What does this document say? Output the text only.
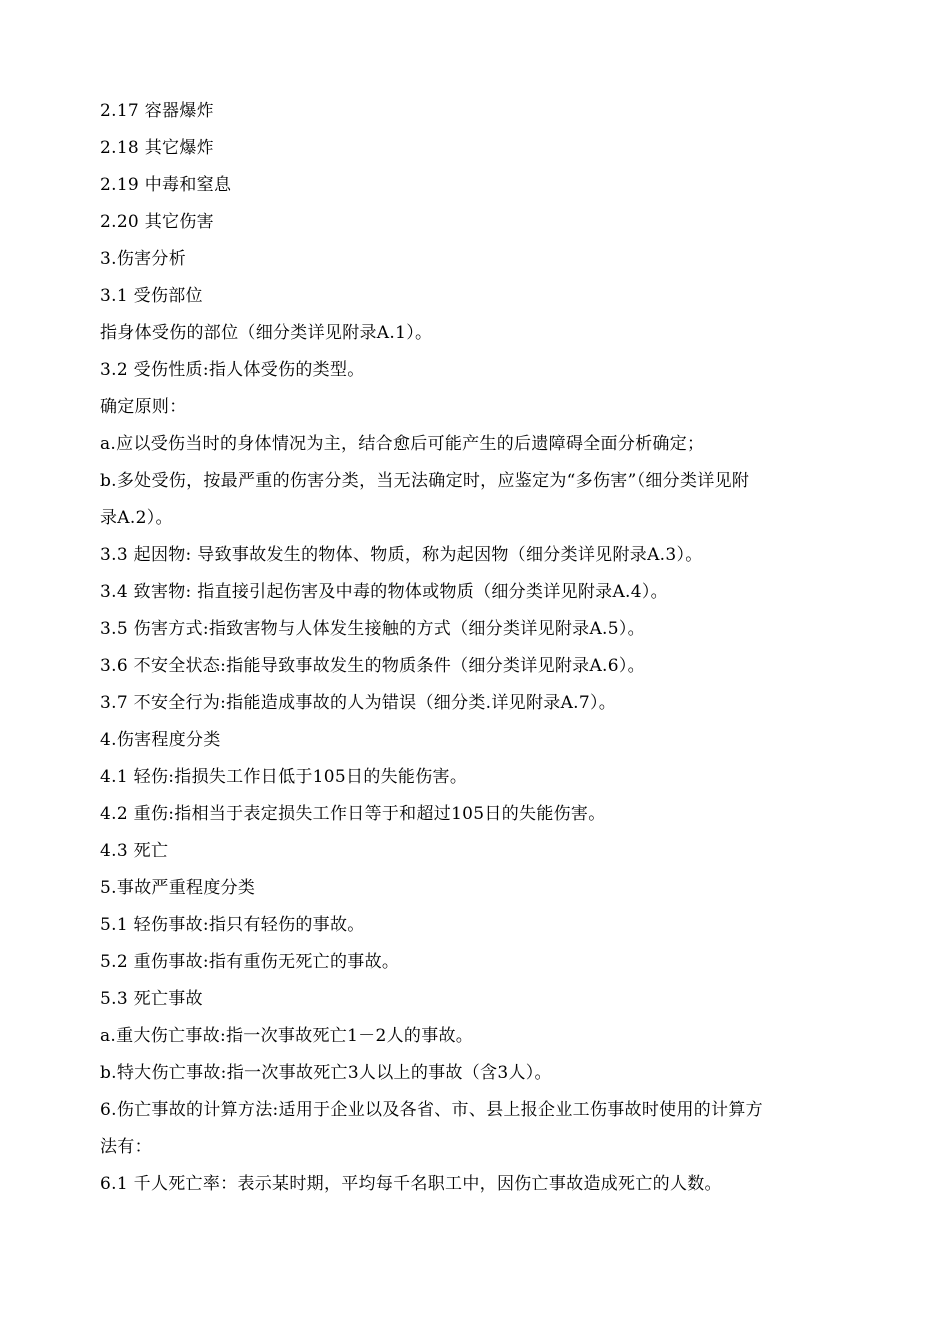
2.17 容器爆炸
2.18 其它爆炸
2.19 中毒和窒息
2.20 其它伤害
3.伤害分析
3.1 受伤部位
指身体受伤的部位（细分类详见附录A.1）。
3.2 受伤性质:指人体受伤的类型。
确定原则：
a.应以受伤当时的身体情况为主，结合愈后可能产生的后遗障碍全面分析确定；
b.多处受伤，按最严重的伤害分类，当无法确定时，应鉴定为“多伤害”（细分类详见附
录A.2）。
3.3 起因物: 导致事故发生的物体、物质，称为起因物（细分类详见附录A.3）。
3.4 致害物: 指直接引起伤害及中毒的物体或物质（细分类详见附录A.4）。
3.5 伤害方式:指致害物与人体发生接触的方式（细分类详见附录A.5）。
3.6 不安全状态:指能导致事故发生的物质条件（细分类详见附录A.6）。
3.7 不安全行为:指能造成事故的人为错误（细分类.详见附录A.7）。
4.伤害程度分类
4.1 轻伤:指损失工作日低于105日的失能伤害。
4.2 重伤:指相当于表定损失工作日等于和超过105日的失能伤害。
4.3 死亡
5.事故严重程度分类
5.1 轻伤事故:指只有轻伤的事故。
5.2 重伤事故:指有重伤无死亡的事故。
5.3 死亡事故
a.重大伤亡事故:指一次事故死亡1－2人的事故。
b.特大伤亡事故:指一次事故死亡3人以上的事故（含3人）。
6.伤亡事故的计算方法:适用于企业以及各省、市、县上报企业工伤事故时使用的计算方
法有：
6.1 千人死亡率：表示某时期，平均每千名职工中，因伤亡事故造成死亡的人数。
